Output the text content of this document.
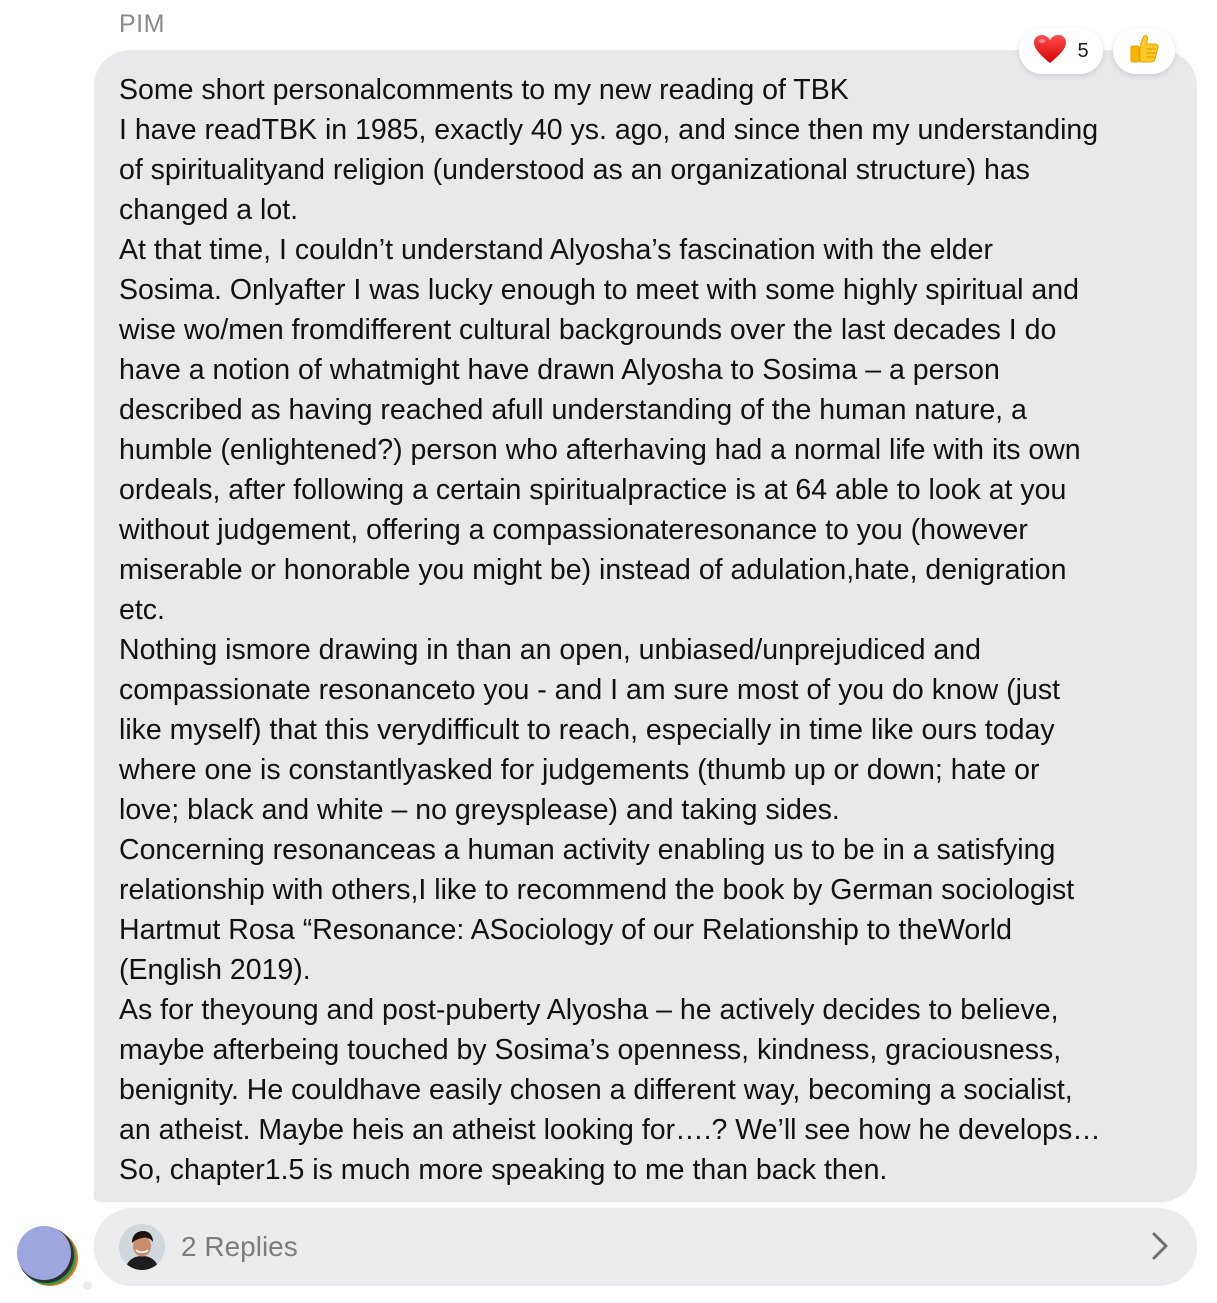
PIM
Some short personalcomments to my new reading of TBK
I have readTBK in 1985, exactly 40 ys. ago, and since then my understanding
of spiritualityand religion (understood as an organizational structure) has
changed a lot.
At that time, I couldn’t understand Alyosha’s fascination with the elder
Sosima. Onlyafter I was lucky enough to meet with some highly spiritual and
wise wo/men fromdifferent cultural backgrounds over the last decades I do
have a notion of whatmight have drawn Alyosha to Sosima – a person
described as having reached afull understanding of the human nature, a
humble (enlightened?) person who afterhaving had a normal life with its own
ordeals, after following a certain spiritualpractice is at 64 able to look at you
without judgement, offering a compassionateresonance to you (however
miserable or honorable you might be) instead of adulation,hate, denigration
etc.
Nothing ismore drawing in than an open, unbiased/unprejudiced and
compassionate resonanceto you - and I am sure most of you do know (just
like myself) that this verydifficult to reach, especially in time like ours today
where one is constantlyasked for judgements (thumb up or down; hate or
love; black and white – no greysplease) and taking sides.
Concerning resonanceas a human activity enabling us to be in a satisfying
relationship with others,I like to recommend the book by German sociologist
Hartmut Rosa “Resonance: ASociology of our Relationship to theWorld
(English 2019).
As for theyoung and post-puberty Alyosha – he actively decides to believe,
maybe afterbeing touched by Sosima’s openness, kindness, graciousness,
benignity. He couldhave easily chosen a different way, becoming a socialist,
an atheist. Maybe heis an atheist looking for….? We’ll see how he develops…
So, chapter1.5 is much more speaking to me than back then.
5
2 Replies
